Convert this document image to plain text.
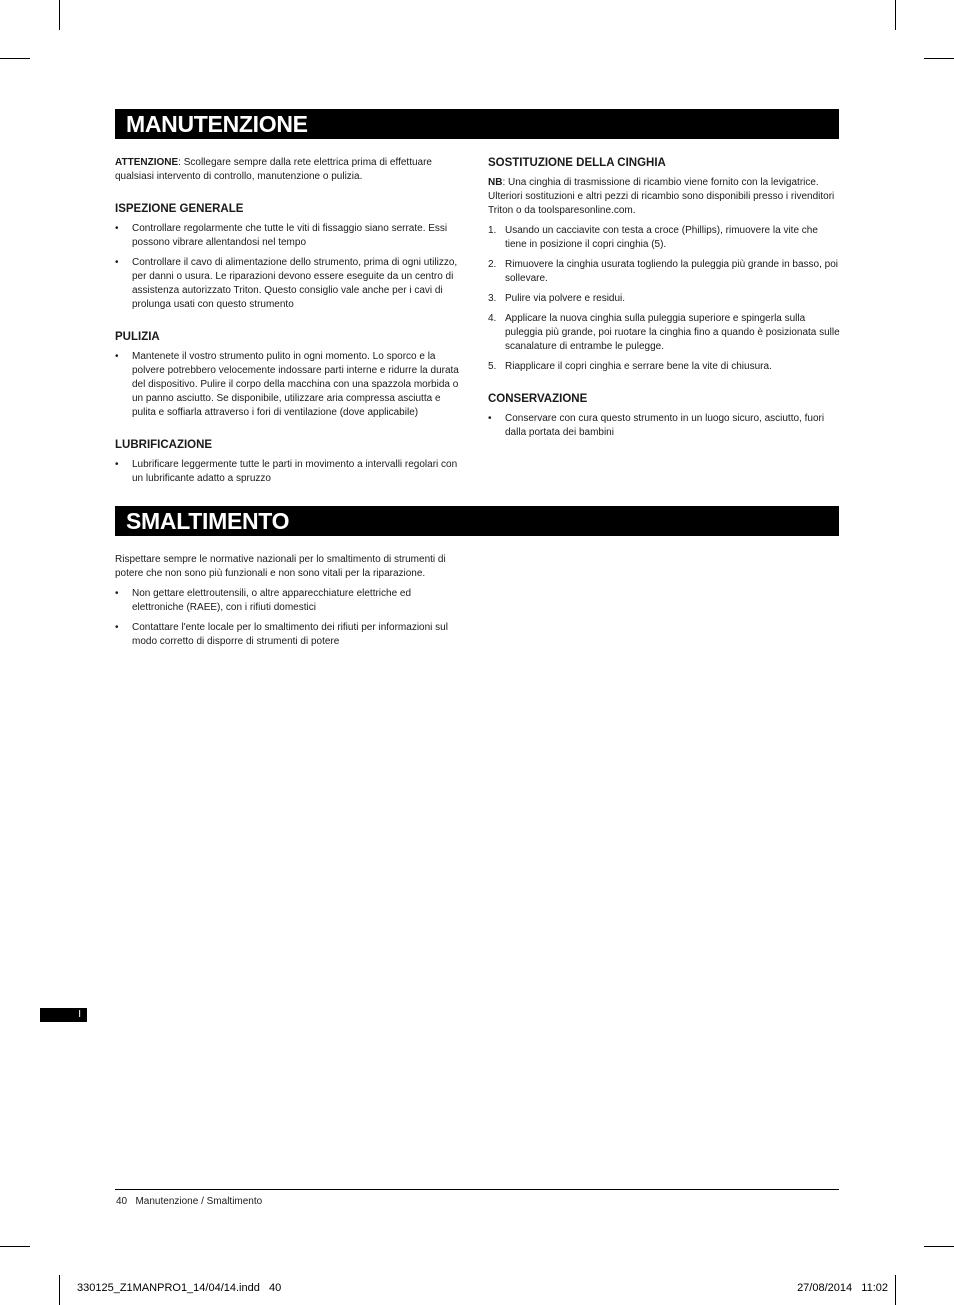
MANUTENZIONE

ATTENZIONE: Scollegare sempre dalla rete elettrica prima di effettuare qualsiasi intervento di controllo, manutenzione o pulizia.

ISPEZIONE GENERALE

• Controllare regolarmente che tutte le viti di fissaggio siano serrate. Essi possono vibrare allentandosi nel tempo
• Controllare il cavo di alimentazione dello strumento, prima di ogni utilizzo, per danni o usura. Le riparazioni devono essere eseguite da un centro di assistenza autorizzato Triton. Questo consiglio vale anche per i cavi di prolunga usati con questo strumento

PULIZIA

• Mantenete il vostro strumento pulito in ogni momento. Lo sporco e la polvere potrebbero velocemente indossare parti interne e ridurre la durata del dispositivo. Pulire il corpo della macchina con una spazzola morbida o un panno asciutto. Se disponibile, utilizzare aria compressa asciutta e pulita e soffiarla attraverso i fori di ventilazione (dove applicabile)

LUBRIFICAZIONE

• Lubrificare leggermente tutte le parti in movimento a intervalli regolari con un lubrificante adatto a spruzzo

SOSTITUZIONE DELLA CINGHIA

NB: Una cinghia di trasmissione di ricambio viene fornito con la levigatrice. Ulteriori sostituzioni e altri pezzi di ricambio sono disponibili presso i rivenditori Triton o da toolsparesonline.com.

1. Usando un cacciavite con testa a croce (Phillips), rimuovere la vite che tiene in posizione il copri cinghia (5).
2. Rimuovere la cinghia usurata togliendo la puleggia più grande in basso, poi sollevare.
3. Pulire via polvere e residui.
4. Applicare la nuova cinghia sulla puleggia superiore e spingerla sulla puleggia più grande, poi ruotare la cinghia fino a quando è posizionata sulle scanalature di entrambe le pulegge.
5. Riapplicare il copri cinghia e serrare bene la vite di chiusura.

CONSERVAZIONE

• Conservare con cura questo strumento in un luogo sicuro, asciutto, fuori dalla portata dei bambini
SMALTIMENTO

Rispettare sempre le normative nazionali per lo smaltimento di strumenti di potere che non sono più funzionali e non sono vitali per la riparazione.

• Non gettare elettroutensili, o altre apparecchiature elettriche ed elettroniche (RAEE), con i rifiuti domestici
• Contattare l'ente locale per lo smaltimento dei rifiuti per informazioni sul modo corretto di disporre di strumenti di potere
I
40 Manutenzione / Smaltimento
330125_Z1MANPRO1_14/04/14.indd   40	27/08/2014   11:02
